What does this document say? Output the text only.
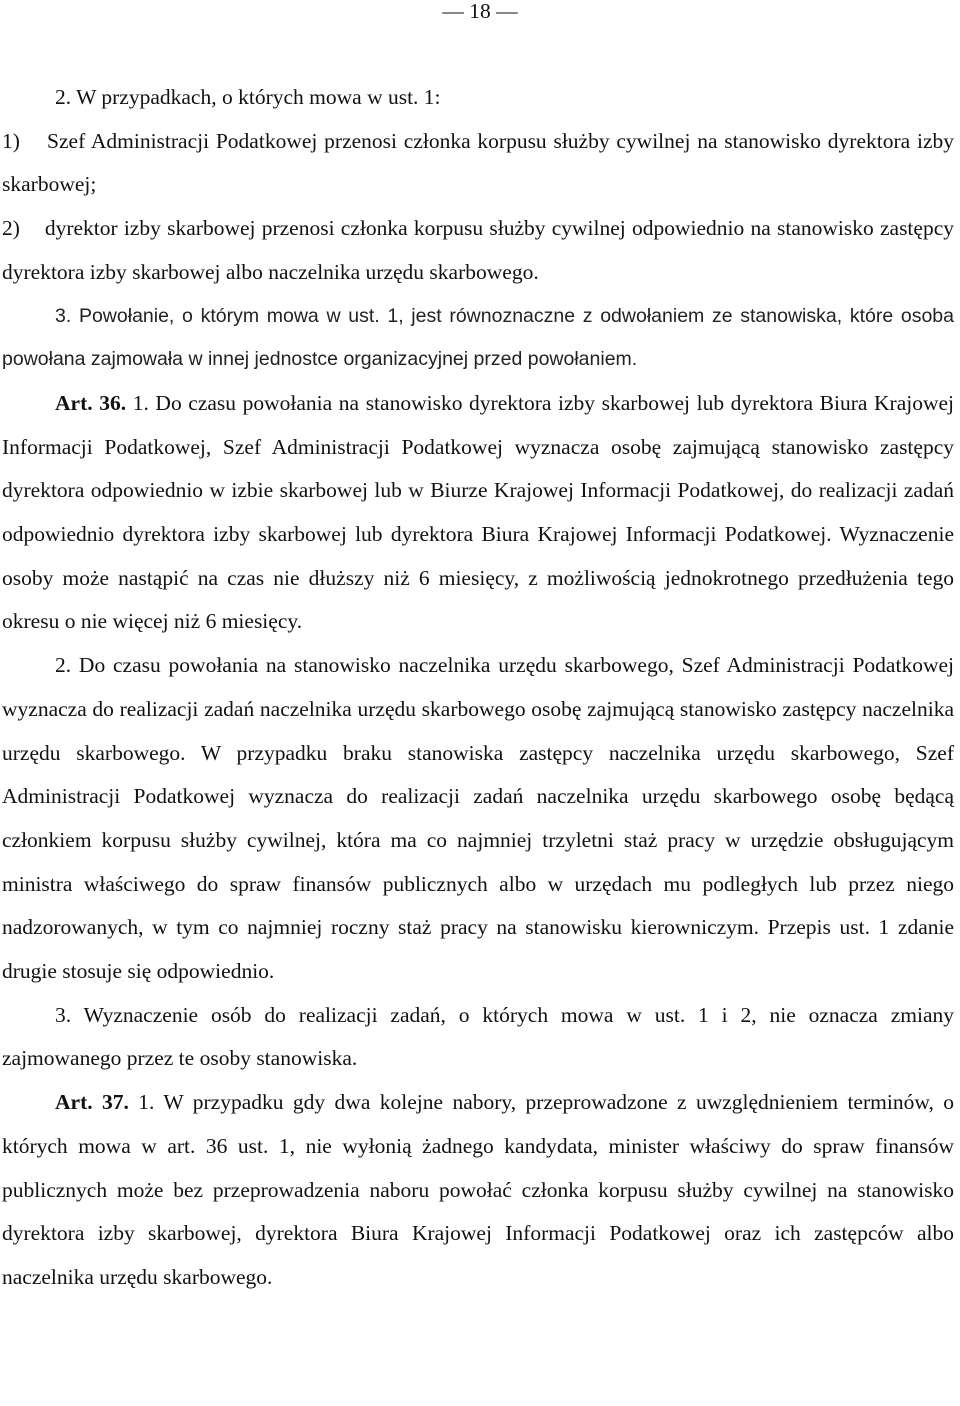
— 18 —

2. W przypadkach, o których mowa w ust. 1:

1)    Szef Administracji Podatkowej przenosi członka korpusu służby cywilnej na stanowisko dyrektora izby skarbowej;

2)    dyrektor izby skarbowej przenosi członka korpusu służby cywilnej odpowiednio na stanowisko zastępcy dyrektora izby skarbowej albo naczelnika urzędu skarbowego.

3. Powołanie, o którym mowa w ust. 1, jest równoznaczne z odwołaniem ze stanowiska, które osoba powołana zajmowała w innej jednostce organizacyjnej przed powołaniem.

Art. 36. 1. Do czasu powołania na stanowisko dyrektora izby skarbowej lub dyrektora Biura Krajowej Informacji Podatkowej, Szef Administracji Podatkowej wyznacza osobę zajmującą stanowisko zastępcy dyrektora odpowiednio w izbie skarbowej lub w Biurze Krajowej Informacji Podatkowej, do realizacji zadań odpowiednio dyrektora izby skarbowej lub dyrektora Biura Krajowej Informacji Podatkowej. Wyznaczenie osoby może nastąpić na czas nie dłuższy niż 6 miesięcy, z możliwością jednokrotnego przedłużenia tego okresu o nie więcej niż 6 miesięcy.

2. Do czasu powołania na stanowisko naczelnika urzędu skarbowego, Szef Administracji Podatkowej wyznacza do realizacji zadań naczelnika urzędu skarbowego osobę zajmującą stanowisko zastępcy naczelnika urzędu skarbowego. W przypadku braku stanowiska zastępcy naczelnika urzędu skarbowego, Szef Administracji Podatkowej wyznacza do realizacji zadań naczelnika urzędu skarbowego osobę będącą członkiem korpusu służby cywilnej, która ma co najmniej trzyletni staż pracy w urzędzie obsługującym ministra właściwego do spraw finansów publicznych albo w urzędach mu podległych lub przez niego nadzorowanych, w tym co najmniej roczny staż pracy na stanowisku kierowniczym. Przepis ust. 1 zdanie drugie stosuje się odpowiednio.

3. Wyznaczenie osób do realizacji zadań, o których mowa w ust. 1 i 2, nie oznacza zmiany zajmowanego przez te osoby stanowiska.

Art. 37. 1. W przypadku gdy dwa kolejne nabory, przeprowadzone z uwzględnieniem terminów, o których mowa w art. 36 ust. 1, nie wyłonią żadnego kandydata, minister właściwy do spraw finansów publicznych może bez przeprowadzenia naboru powołać członka korpusu służby cywilnej na stanowisko dyrektora izby skarbowej, dyrektora Biura Krajowej Informacji Podatkowej oraz ich zastępców albo naczelnika urzędu skarbowego.
